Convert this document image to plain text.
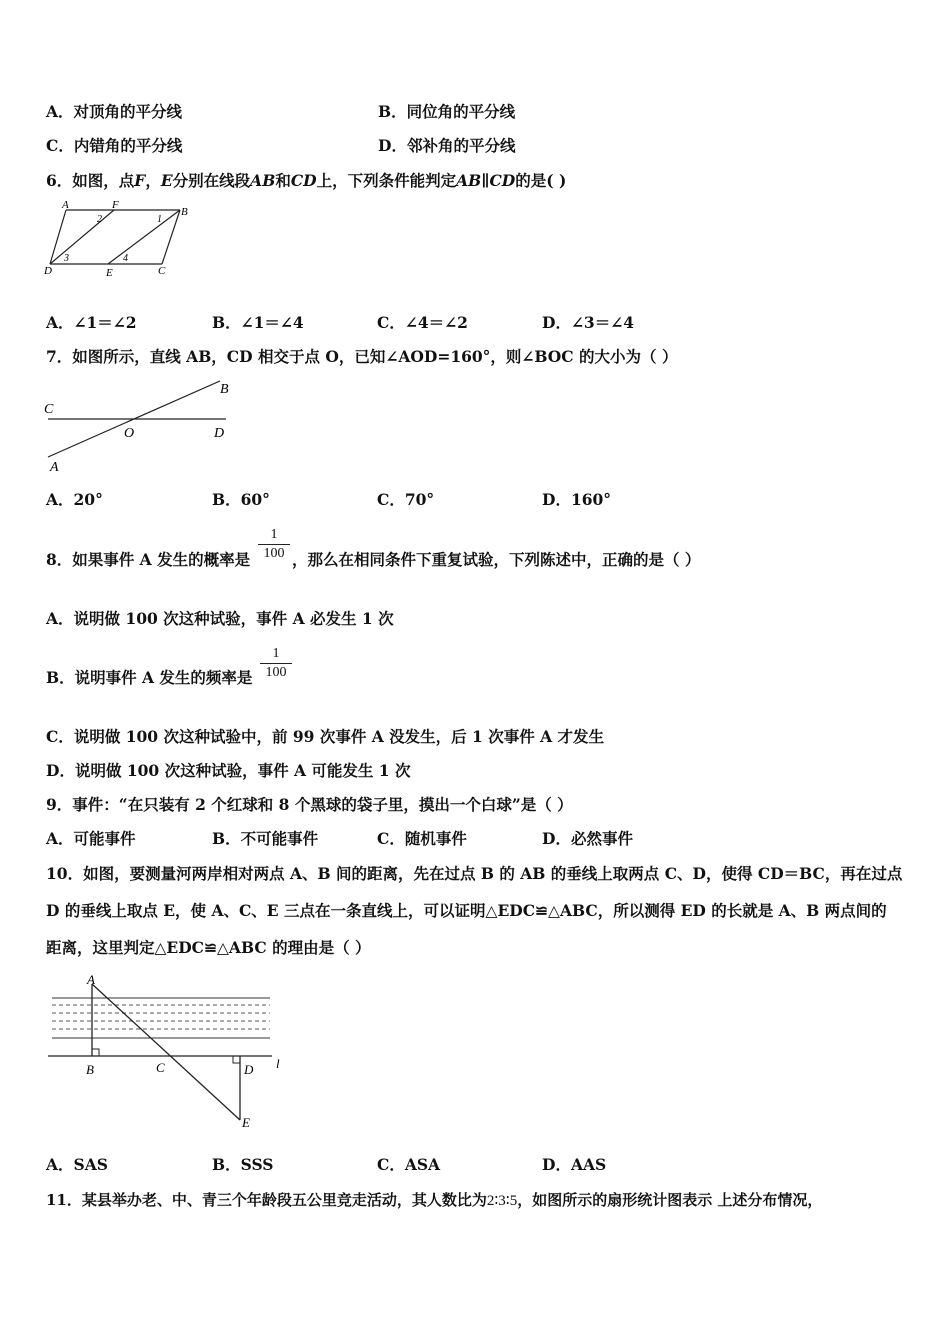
A．对顶角的平分线	B．同位角的平分线
C．内错角的平分线	D．邻补角的平分线
6．如图，点F，E分别在线段AB和CD上，下列条件能判定AB∥CD的是( )
A	F
B
D	E	C
2	1
3	4
A．∠1＝∠2	B．∠1＝∠4	C．∠4＝∠2	D．∠3＝∠4
7．如图所示，直线 AB，CD 相交于点 O，已知∠AOD=160°，则∠BOC 的大小为（ ）
C
O	D
A
B
A．20°	B．60°	C．70°	D．160°
8．如果事件 A 发生的概率是 $\frac{1}{100}$ ，那么在相同条件下重复试验，下列陈述中，正确的是（ ）
A．说明做 100 次这种试验，事件 A 必发生 1 次
B．说明事件 A 发生的频率是 $\frac{1}{100}$
C．说明做 100 次这种试验中，前 99 次事件 A 没发生，后 1 次事件 A 才发生
D．说明做 100 次这种试验，事件 A 可能发生 1 次
9．事件：“在只装有 2 个红球和 8 个黑球的袋子里，摸出一个白球”是（ ）
A．可能事件	B．不可能事件	C．随机事件	D．必然事件
10．如图，要测量河两岸相对两点 A、B 间的距离，先在过点 B 的 AB 的垂线上取两点 C、D，使得 CD＝BC，再在过点
D 的垂线上取点 E，使 A、C、E 三点在一条直线上，可以证明△EDC≌△ABC，所以测得 ED 的长就是 A、B 两点间的
距离，这里判定△EDC≌△ABC 的理由是（ ）
A
B	C	D
E
l
A．SAS	B．SSS	C．ASA	D．AAS
11．某县举办老、中、青三个年龄段五公里竞走活动，其人数比为2∶3∶5，如图所示的扇形统计图表示 上述分布情况，
